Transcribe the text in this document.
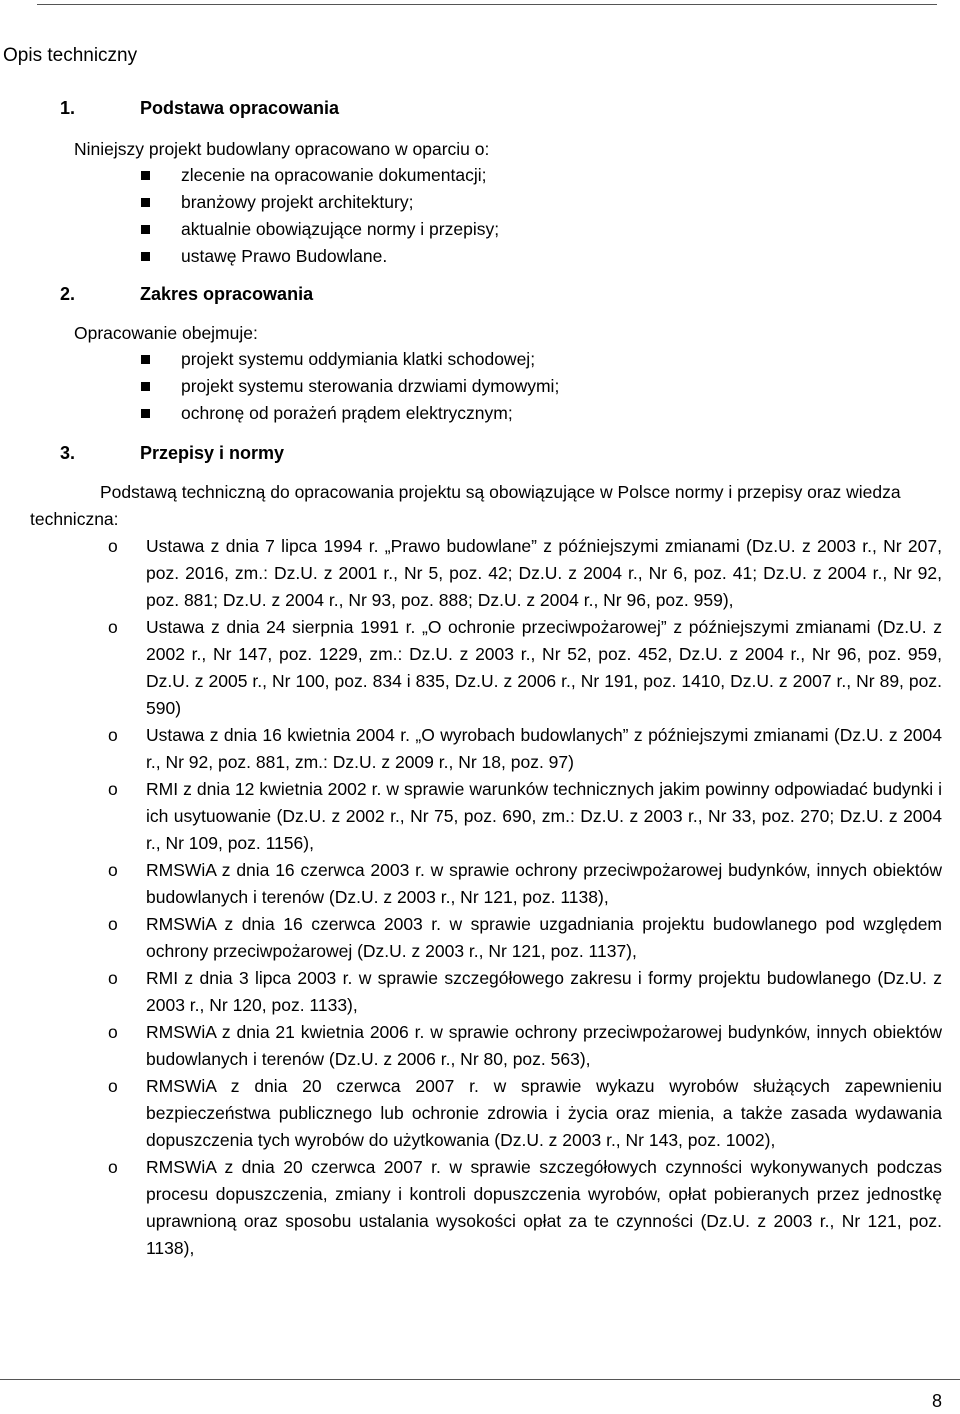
Opis techniczny
1.	Podstawa opracowania

Niniejszy projekt budowlany opracowano w oparciu o:

zlecenie na opracowanie dokumentacji;
branżowy projekt architektury;
aktualnie obowiązujące normy i przepisy;
ustawę Prawo Budowlane.
2.	Zakres opracowania

Opracowanie obejmuje:

projekt systemu oddymiania klatki schodowej;
projekt systemu sterowania drzwiami dymowymi;
ochronę od porażeń prądem elektrycznym;
3.	Przepisy i normy

Podstawą techniczną do opracowania projektu są obowiązujące w Polsce normy i przepisy oraz wiedza techniczna:

o Ustawa z dnia 7 lipca 1994 r. „Prawo budowlane” z późniejszymi zmianami (Dz.U. z 2003 r., Nr 207, poz. 2016, zm.: Dz.U. z 2001 r., Nr 5, poz. 42; Dz.U. z 2004 r., Nr 6, poz. 41; Dz.U. z 2004 r., Nr 92, poz. 881; Dz.U. z 2004 r., Nr 93, poz. 888; Dz.U. z 2004 r., Nr 96, poz. 959),
o Ustawa z dnia 24 sierpnia 1991 r. „O ochronie przeciwpożarowej” z późniejszymi zmianami (Dz.U. z 2002 r., Nr 147, poz. 1229, zm.: Dz.U. z 2003 r., Nr 52, poz. 452, Dz.U. z 2004 r., Nr 96, poz. 959, Dz.U. z 2005 r., Nr 100, poz. 834 i 835, Dz.U. z 2006 r., Nr 191, poz. 1410, Dz.U. z 2007 r., Nr 89, poz. 590)
o Ustawa z dnia 16 kwietnia 2004 r. „O wyrobach budowlanych” z późniejszymi zmianami (Dz.U. z 2004 r., Nr 92, poz. 881, zm.: Dz.U. z 2009 r., Nr 18, poz. 97)
o RMI z dnia 12 kwietnia 2002 r. w sprawie warunków technicznych jakim powinny odpowiadać budynki i ich usytuowanie (Dz.U. z 2002 r., Nr 75, poz. 690, zm.: Dz.U. z 2003 r., Nr 33, poz. 270; Dz.U. z 2004 r., Nr 109, poz. 1156),
o RMSWiA z dnia 16 czerwca 2003 r. w sprawie ochrony przeciwpożarowej budynków, innych obiektów budowlanych i terenów (Dz.U. z 2003 r., Nr 121, poz. 1138),
o RMSWiA z dnia 16 czerwca 2003 r. w sprawie uzgadniania projektu budowlanego pod względem ochrony przeciwpożarowej (Dz.U. z 2003 r., Nr 121, poz. 1137),
o RMI z dnia 3 lipca 2003 r. w sprawie szczegółowego zakresu i formy projektu budowlanego (Dz.U. z 2003 r., Nr 120, poz. 1133),
o RMSWiA z dnia 21 kwietnia 2006 r. w sprawie ochrony przeciwpożarowej budynków, innych obiektów budowlanych i terenów (Dz.U. z 2006 r., Nr 80, poz. 563),
o RMSWiA z dnia 20 czerwca 2007 r. w sprawie wykazu wyrobów służących zapewnieniu bezpieczeństwa publicznego lub ochronie zdrowia i życia oraz mienia, a także zasada wydawania dopuszczenia tych wyrobów do użytkowania (Dz.U. z 2003 r., Nr 143, poz. 1002),
o RMSWiA z dnia 20 czerwca 2007 r. w sprawie szczegółowych czynności wykonywanych podczas procesu dopuszczenia, zmiany i kontroli dopuszczenia wyrobów, opłat pobieranych przez jednostkę uprawnioną oraz sposobu ustalania wysokości opłat za te czynności (Dz.U. z 2003 r., Nr 121, poz. 1138),
8
